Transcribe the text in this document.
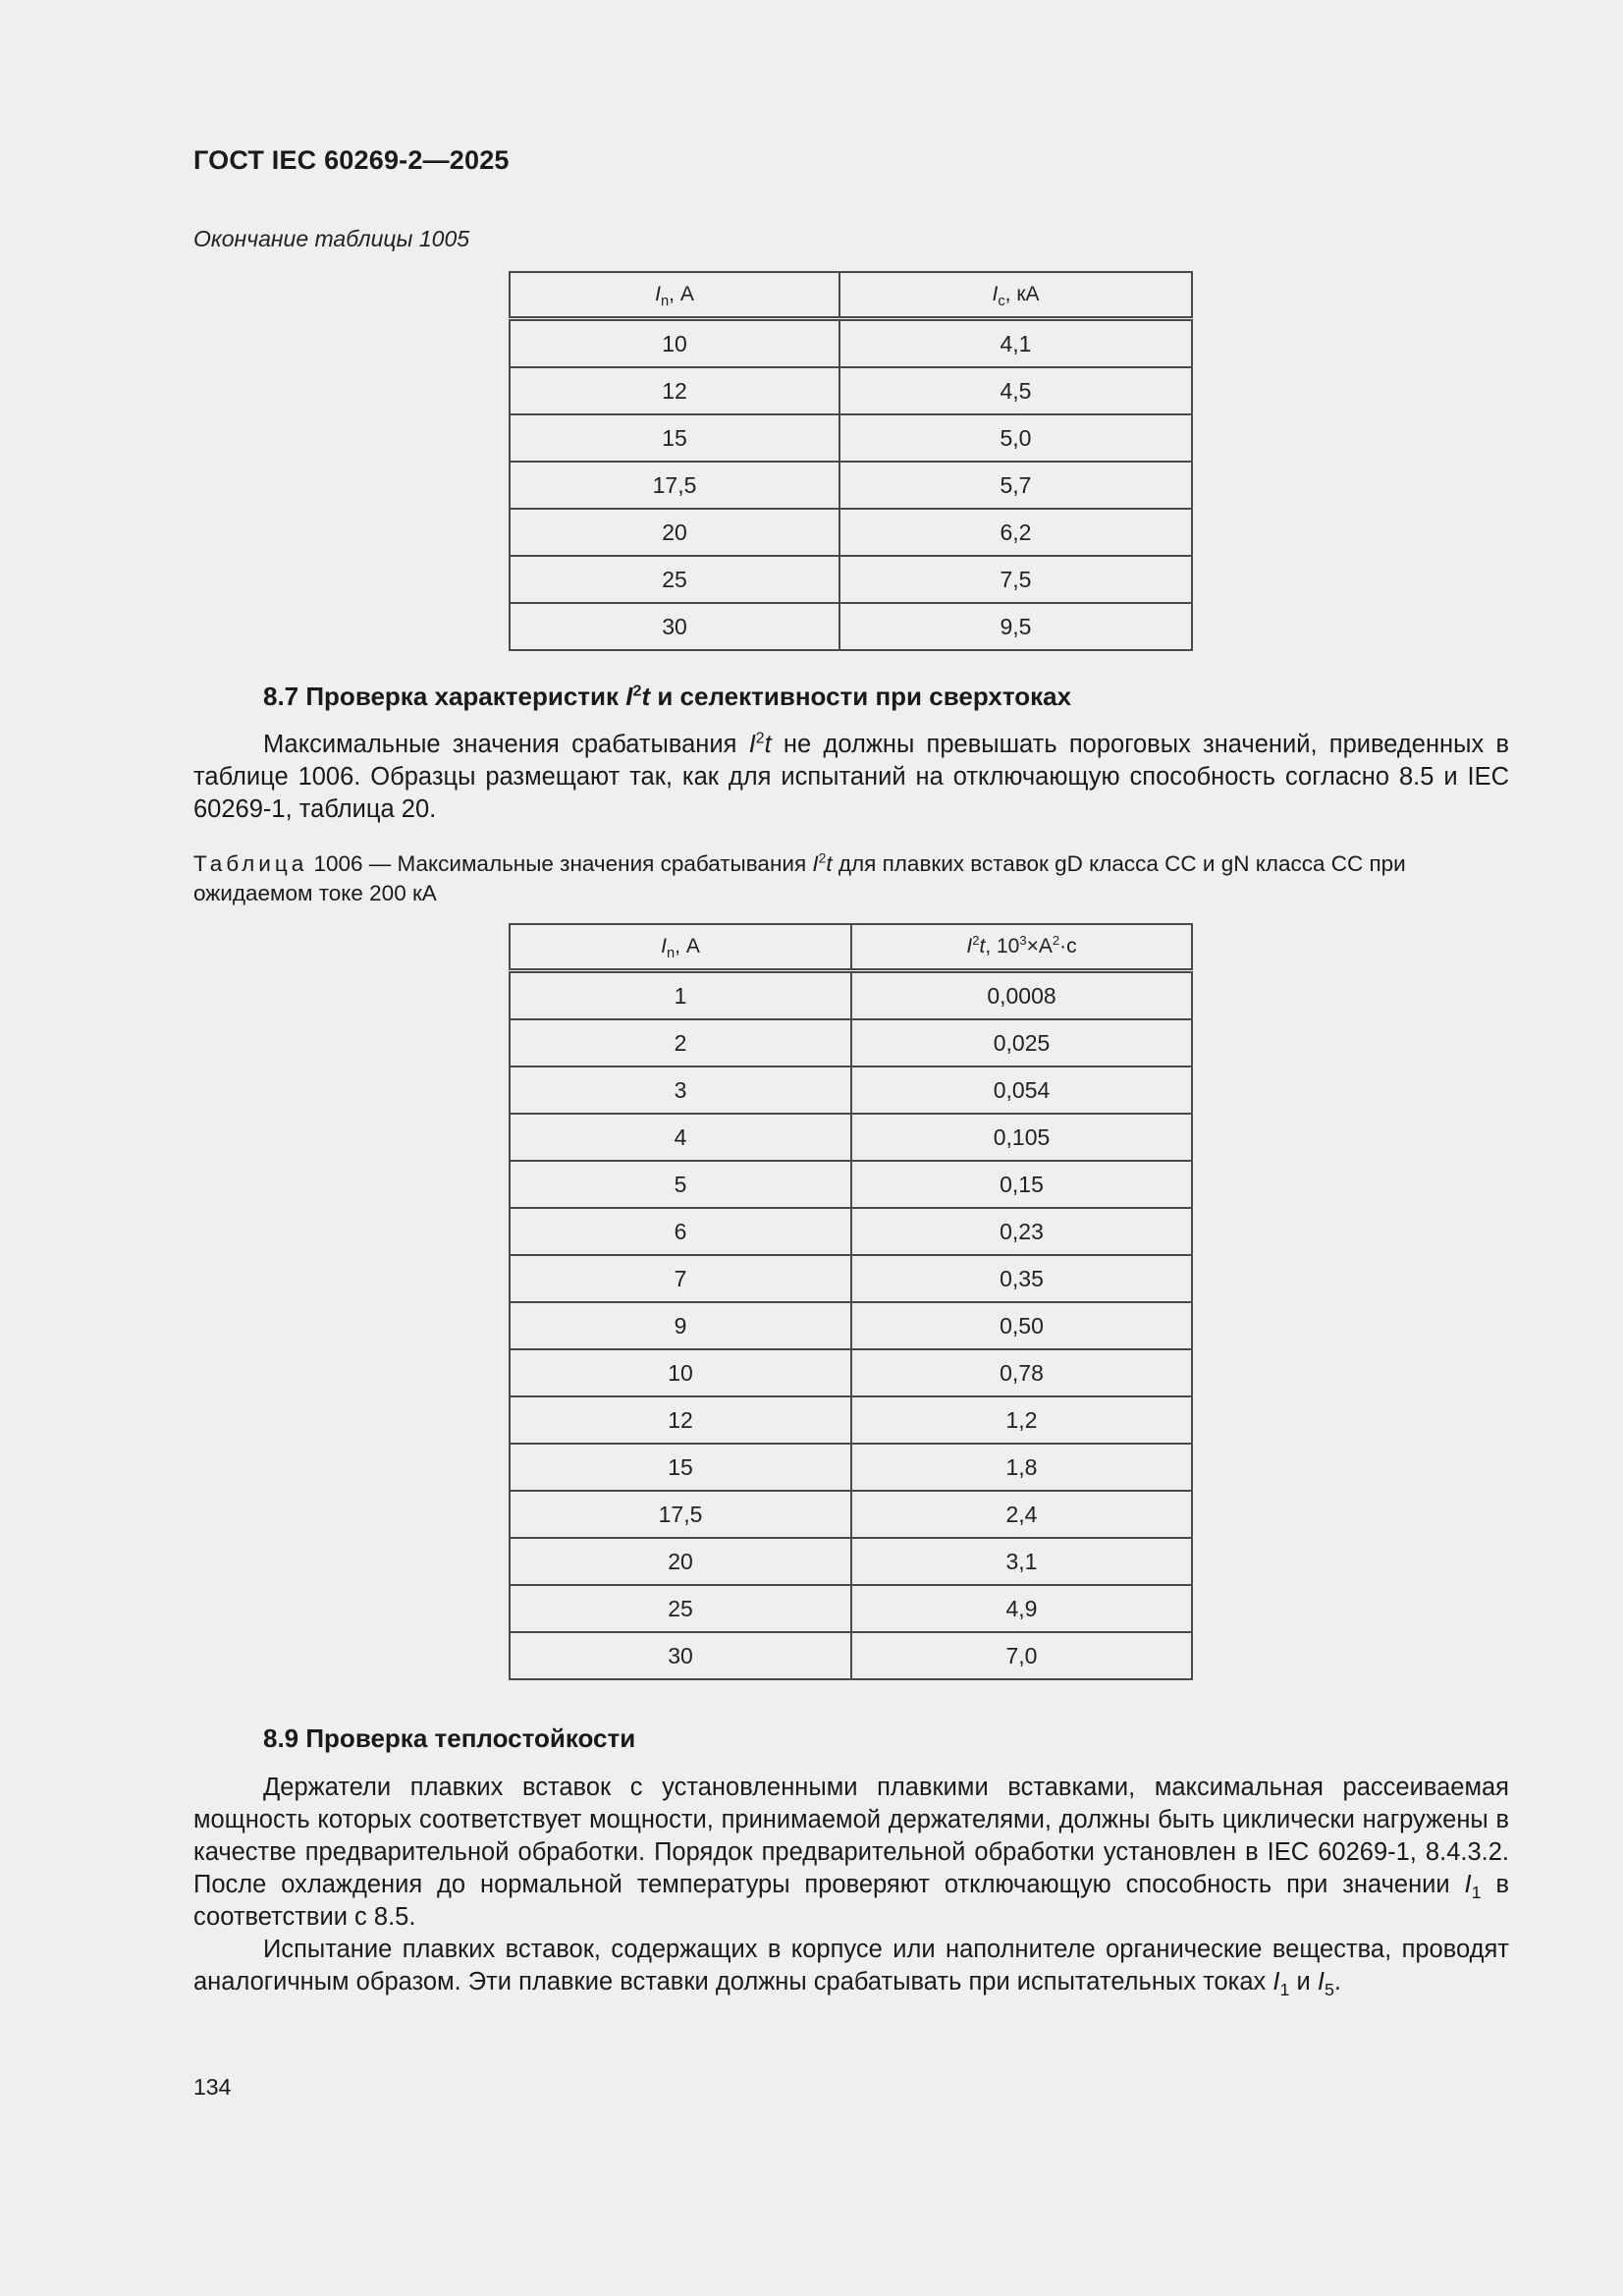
ГОСТ IEC 60269-2—2025
Окончание таблицы 1005
$I_n$, А	$I_c$, кА
10	4,1
12	4,5
15	5,0
17,5	5,7
20	6,2
25	7,5
30	9,5
8.7 Проверка характеристик $I^2t$ и селективности при сверхтоках
Максимальные значения срабатывания $I^2t$ не должны превышать пороговых значений, приведенных в таблице 1006. Образцы размещают так, как для испытаний на отключающую способность согласно 8.5 и IEC 60269-1, таблица 20.
Таблица 1006 — Максимальные значения срабатывания $I^2t$ для плавких вставок gD класса CC и gN класса CC при ожидаемом токе 200 кА
$I_n$, А	$I^2t$, $10^3\times А^2\cdot с$
1	0,0008
2	0,025
3	0,054
4	0,105
5	0,15
6	0,23
7	0,35
9	0,50
10	0,78
12	1,2
15	1,8
17,5	2,4
20	3,1
25	4,9
30	7,0
8.9 Проверка теплостойкости
Держатели плавких вставок с установленными плавкими вставками, максимальная рассеиваемая мощность которых соответствует мощности, принимаемой держателями, должны быть циклически нагружены в качестве предварительной обработки. Порядок предварительной обработки установлен в IEC 60269-1, 8.4.3.2. После охлаждения до нормальной температуры проверяют отключающую способность при значении $I_1$ в соответствии с 8.5.
Испытание плавких вставок, содержащих в корпусе или наполнителе органические вещества, проводят аналогичным образом. Эти плавкие вставки должны срабатывать при испытательных токах $I_1$ и $I_5$.
134
